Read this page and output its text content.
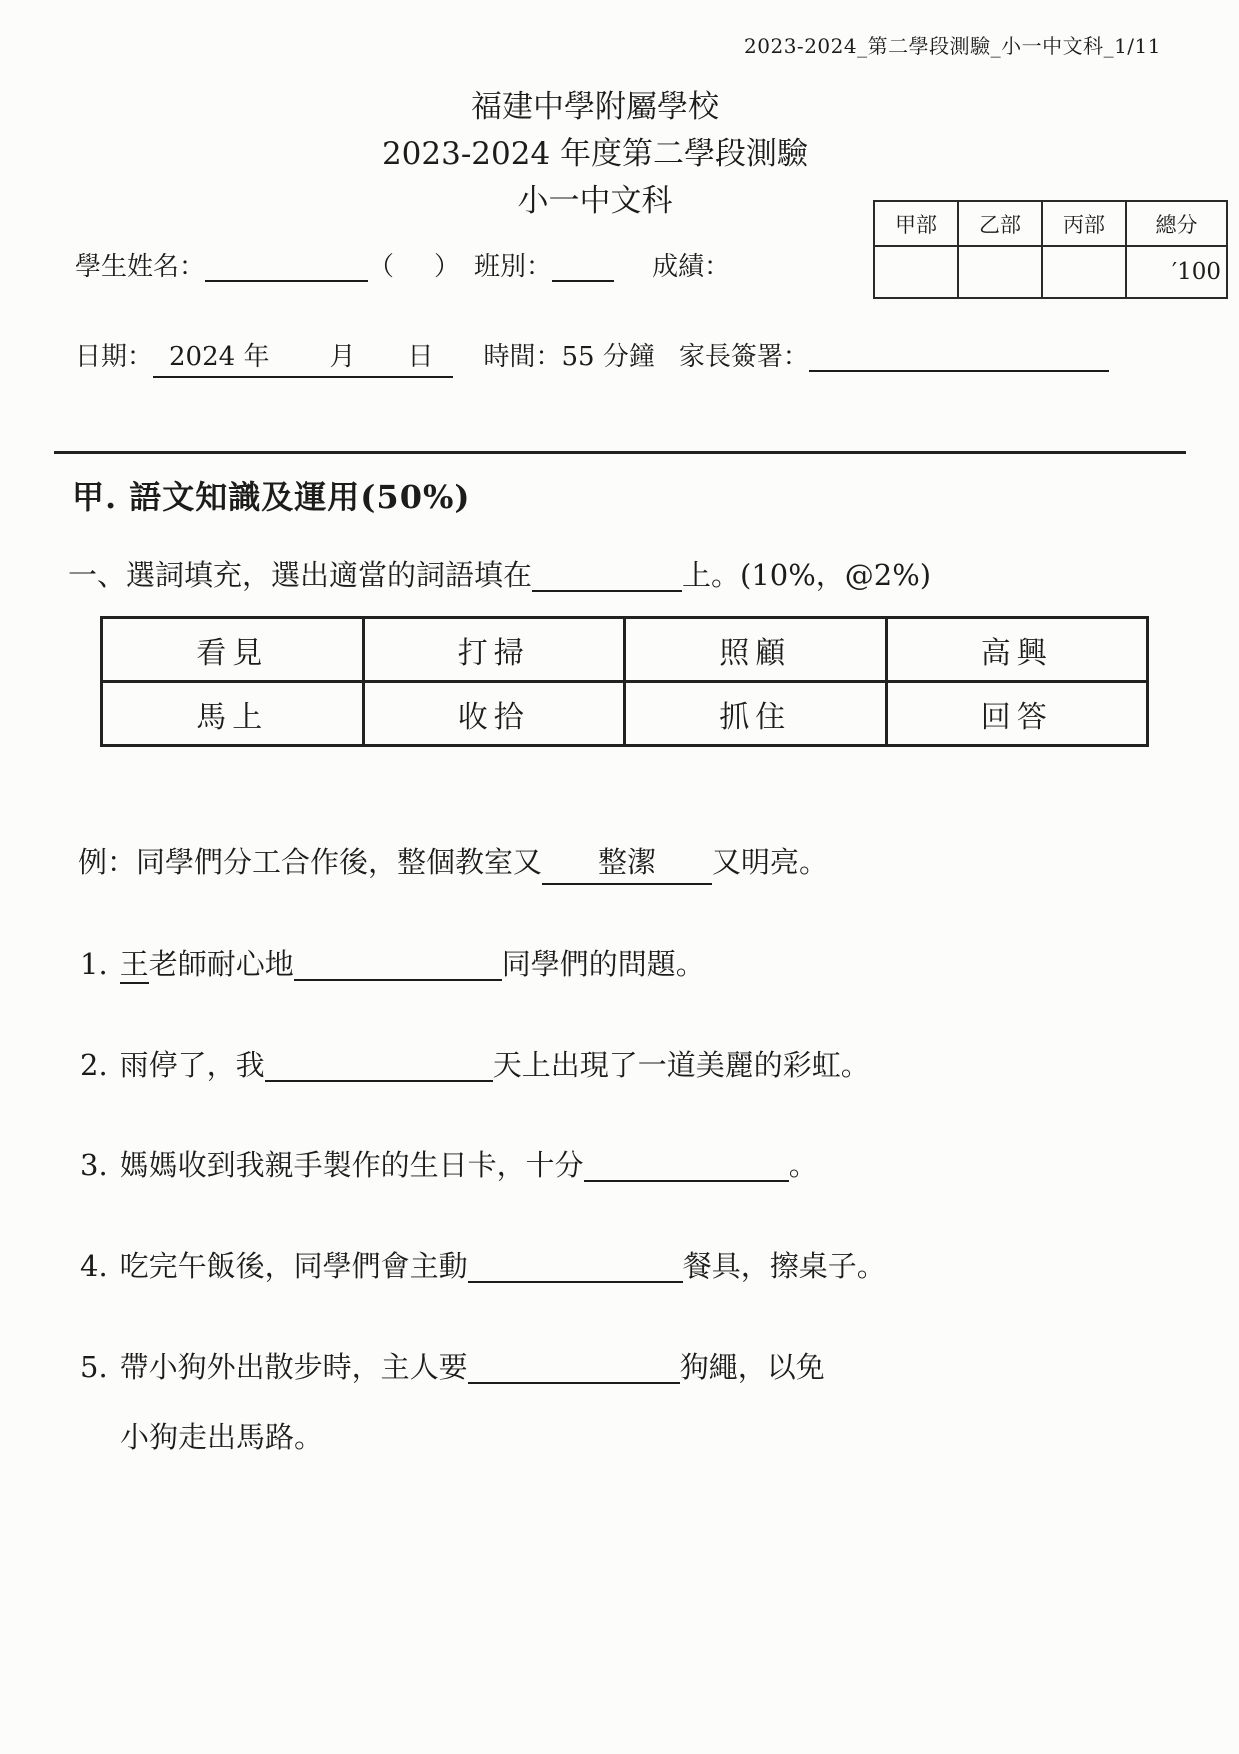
2023-2024_第二學段測驗_小一中文科_1/11
福建中學附屬學校
2023-2024 年度第二學段測驗
小一中文科
學生姓名：	（ ） 班別：	成績：
甲部	乙部	丙部	總分
			′100
日期： 2024 年 月 日 時間：55 分鐘 家長簽署：
甲. 語文知識及運用(50%)
一、選詞填充，選出適當的詞語填在	上。(10%，@2%)
看見	打掃	照顧	高興
馬上	收拾	抓住	回答
例：同學們分工合作後，整個教室又 整潔 又明亮。
1. 王老師耐心地	同學們的問題。
2. 雨停了，我	天上出現了一道美麗的彩虹。
3. 媽媽收到我親手製作的生日卡，十分	。
4. 吃完午飯後，同學們會主動	餐具，擦桌子。
5. 帶小狗外出散步時，主人要	狗繩，以免
小狗走出馬路。
